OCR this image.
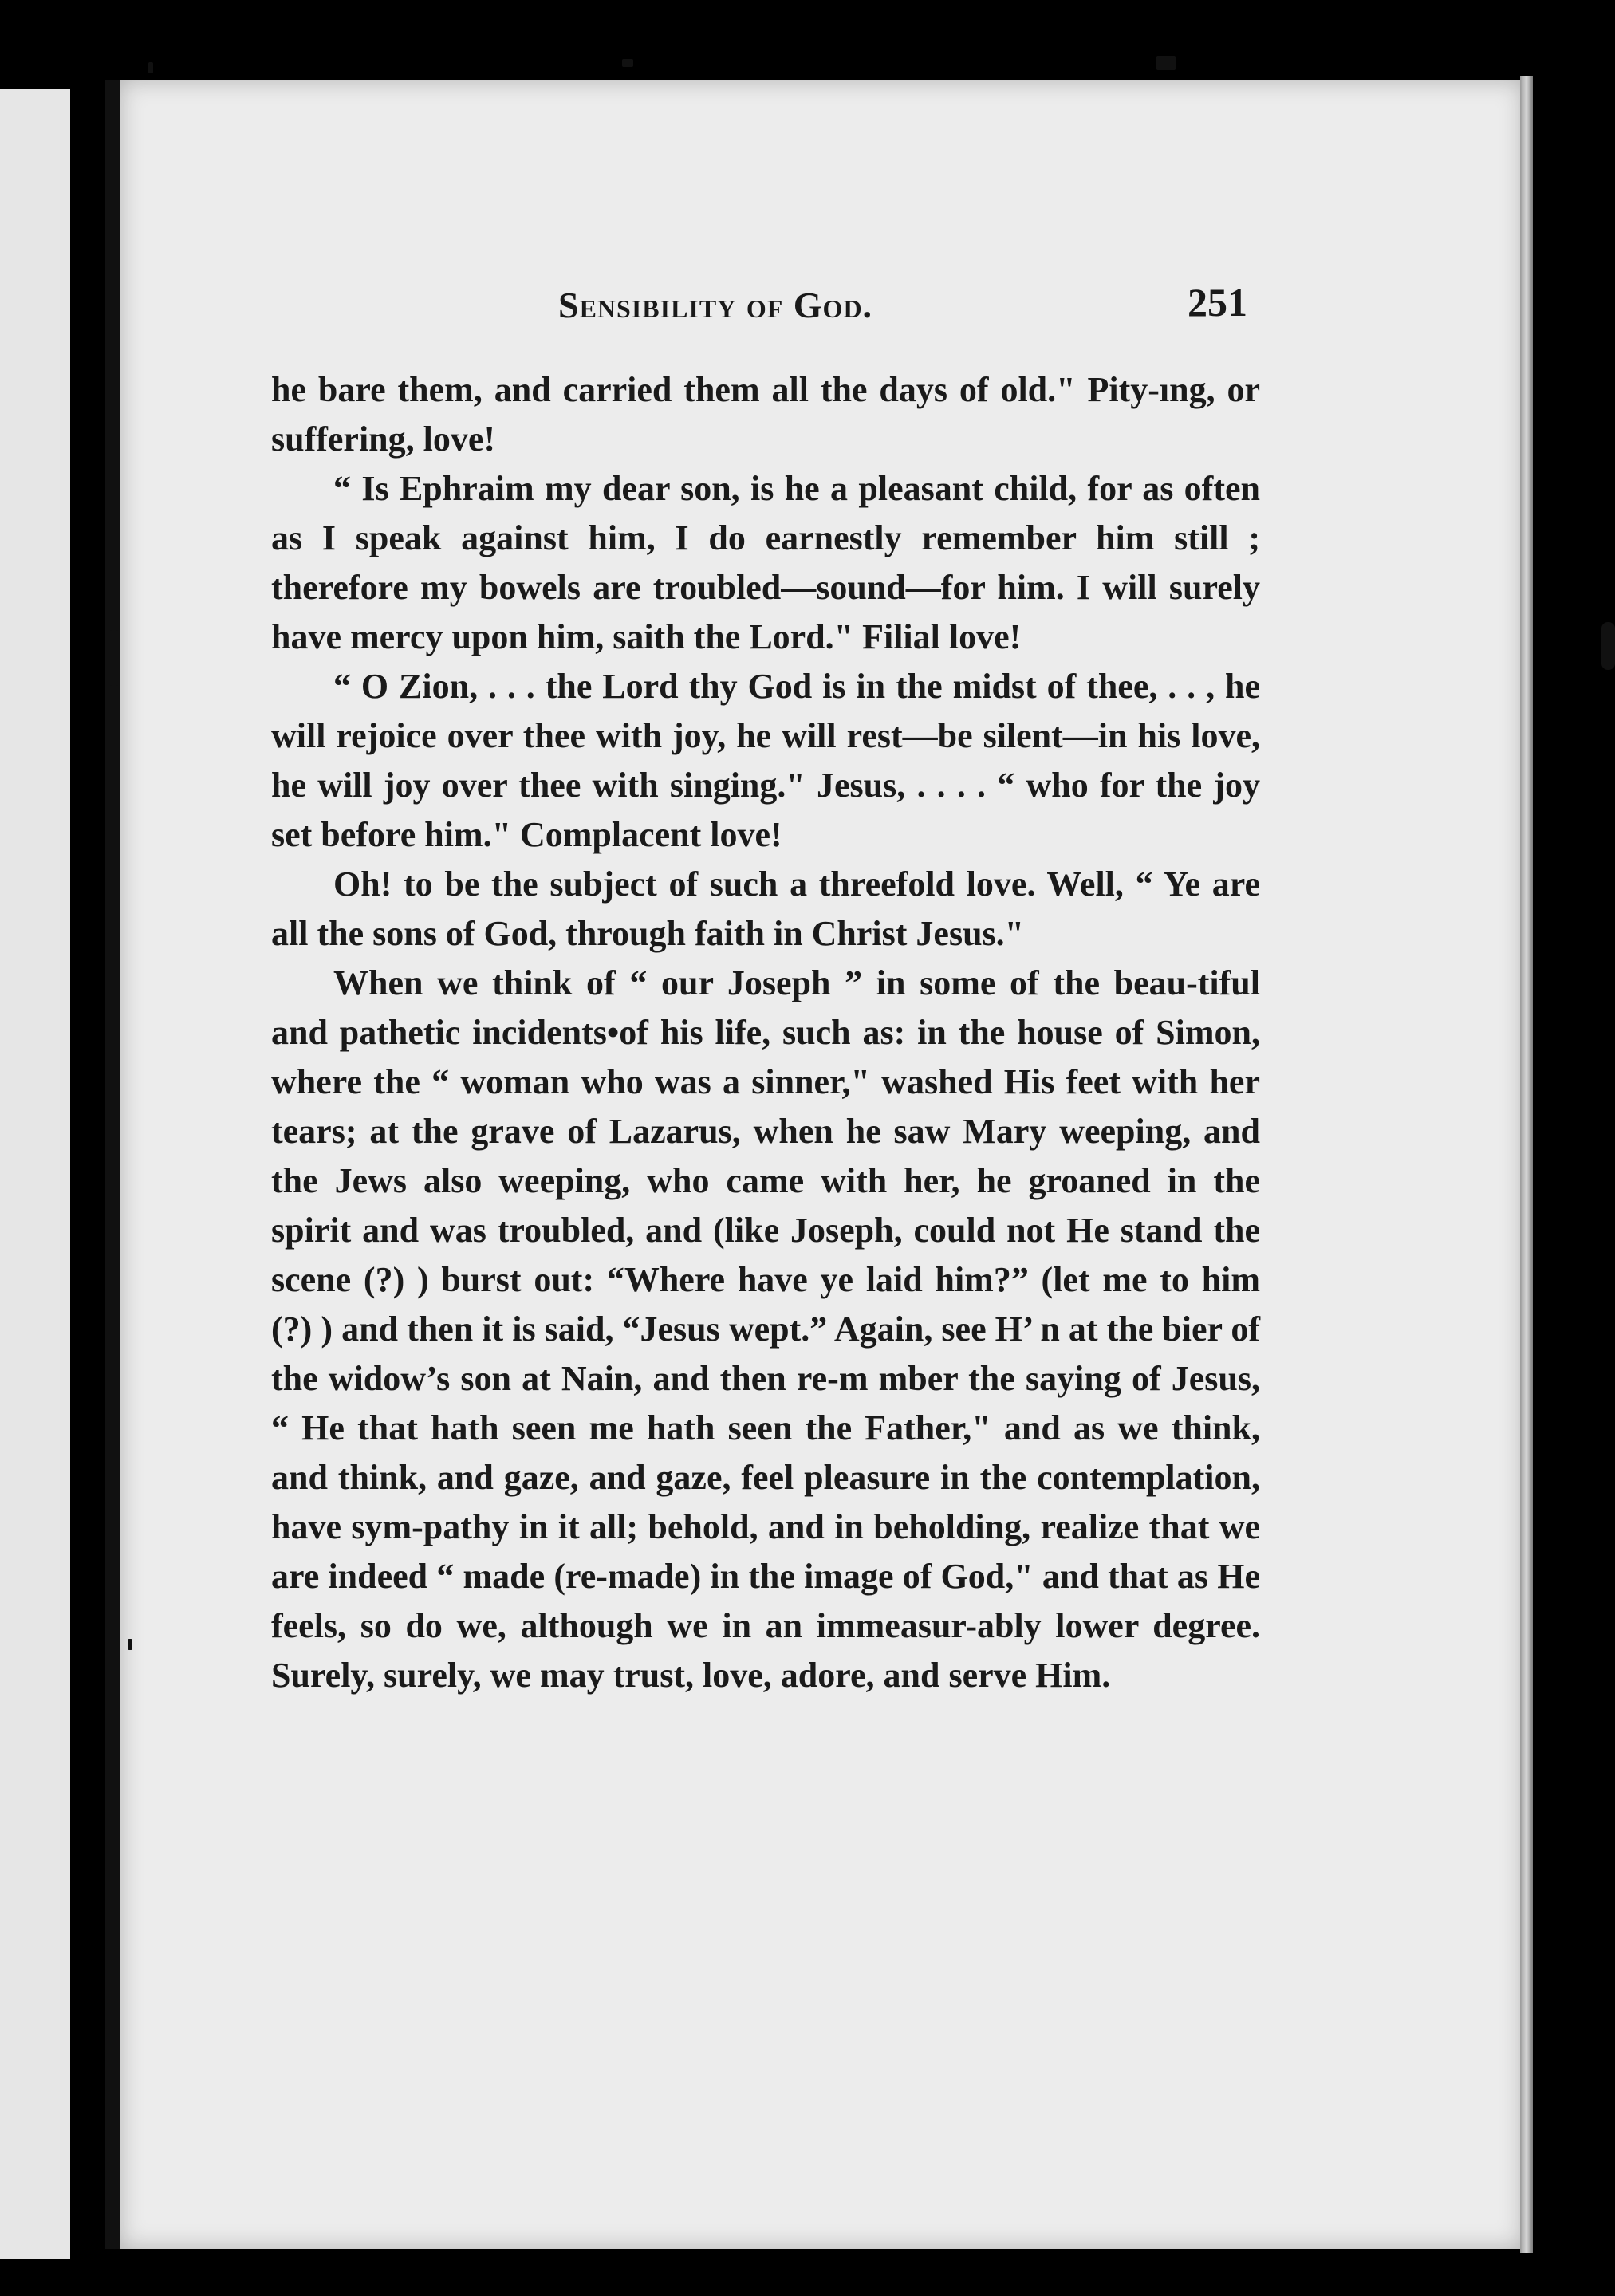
Sensibility of God.	251

he bare them, and carried them all the days of old." Pity-ıng, or suffering, love!

“ Is Ephraim my dear son, is he a pleasant child, for as often as I speak against him, I do earnestly remember him still ; therefore my bowels are troubled—sound—for him. I will surely have mercy upon him, saith the Lord." Filial love!

“ O Zion, . . . the Lord thy God is in the midst of thee, . . , he will rejoice over thee with joy, he will rest—be silent—in his love, he will joy over thee with singing." Jesus, . . . . “ who for the joy set before him." Complacent love!

Oh! to be the subject of such a threefold love. Well, “ Ye are all the sons of God, through faith in Christ Jesus."

When we think of “ our Joseph ” in some of the beau-tiful and pathetic incidents•of his life, such as: in the house of Simon, where the “ woman who was a sinner," washed His feet with her tears; at the grave of Lazarus, when he saw Mary weeping, and the Jews also weeping, who came with her, he groaned in the spirit and was troubled, and (like Joseph, could not He stand the scene (?) ) burst out: “Where have ye laid him?” (let me to him (?) ) and then it is said, “Jesus wept.” Again, see H’ n at the bier of the widow’s son at Nain, and then re-m mber the saying of Jesus, “ He that hath seen me hath seen the Father," and as we think, and think, and gaze, and gaze, feel pleasure in the contemplation, have sym-pathy in it all; behold, and in beholding, realize that we are indeed “ made (re-made) in the image of God," and that as He feels, so do we, although we in an immeasur-ably lower degree. Surely, surely, we may trust, love, adore, and serve Him.
